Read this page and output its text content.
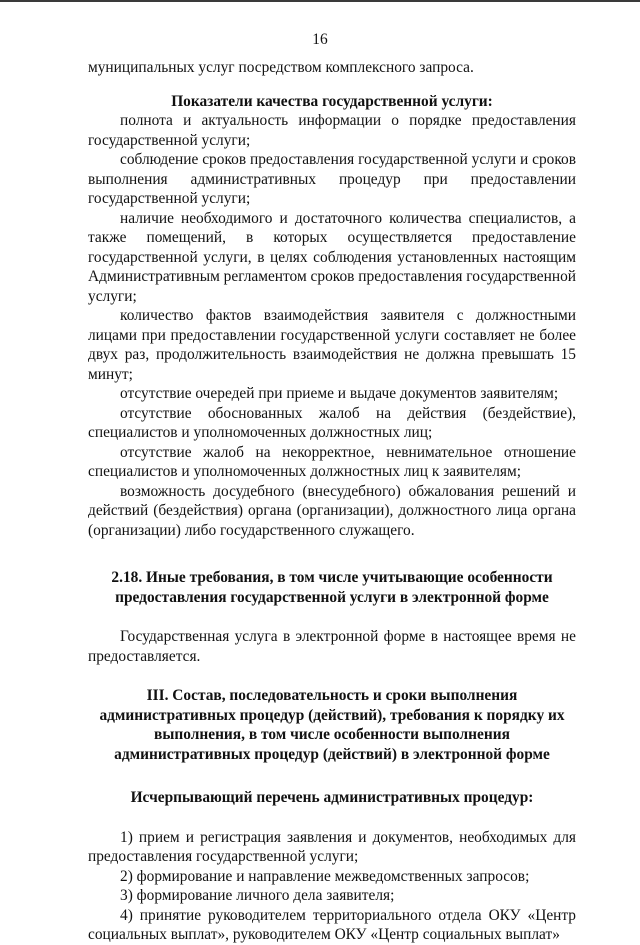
16

муниципальных услуг посредством комплексного запроса.

Показатели качества государственной услуги:

полнота и актуальность информации о порядке предоставления государственной услуги;

соблюдение сроков предоставления государственной услуги и сроков выполнения административных процедур при предоставлении государственной услуги;

наличие необходимого и достаточного количества специалистов, а также помещений, в которых осуществляется предоставление государственной услуги, в целях соблюдения установленных настоящим Административным регламентом сроков предоставления государственной услуги;

количество фактов взаимодействия заявителя с должностными лицами при предоставлении государственной услуги составляет не более двух раз, продолжительность взаимодействия не должна превышать 15 минут;

отсутствие очередей при приеме и выдаче документов заявителям;

отсутствие обоснованных жалоб на действия (бездействие), специалистов и уполномоченных должностных лиц;

отсутствие жалоб на некорректное, невнимательное отношение специалистов и уполномоченных должностных лиц к заявителям;

возможность досудебного (внесудебного) обжалования решений и действий (бездействия) органа (организации), должностного лица органа (организации) либо государственного служащего.

2.18. Иные требования, в том числе учитывающие особенности предоставления государственной услуги в электронной форме

Государственная услуга в электронной форме в настоящее время не предоставляется.

III. Состав, последовательность и сроки выполнения административных процедур (действий), требования к порядку их выполнения, в том числе особенности выполнения административных процедур (действий) в электронной форме

Исчерпывающий перечень административных процедур:

1) прием и регистрация заявления и документов, необходимых для предоставления государственной услуги;

2) формирование и направление межведомственных запросов;

3) формирование личного дела заявителя;

4) принятие руководителем территориального отдела ОКУ «Центр социальных выплат», руководителем ОКУ «Центр социальных выплат»
